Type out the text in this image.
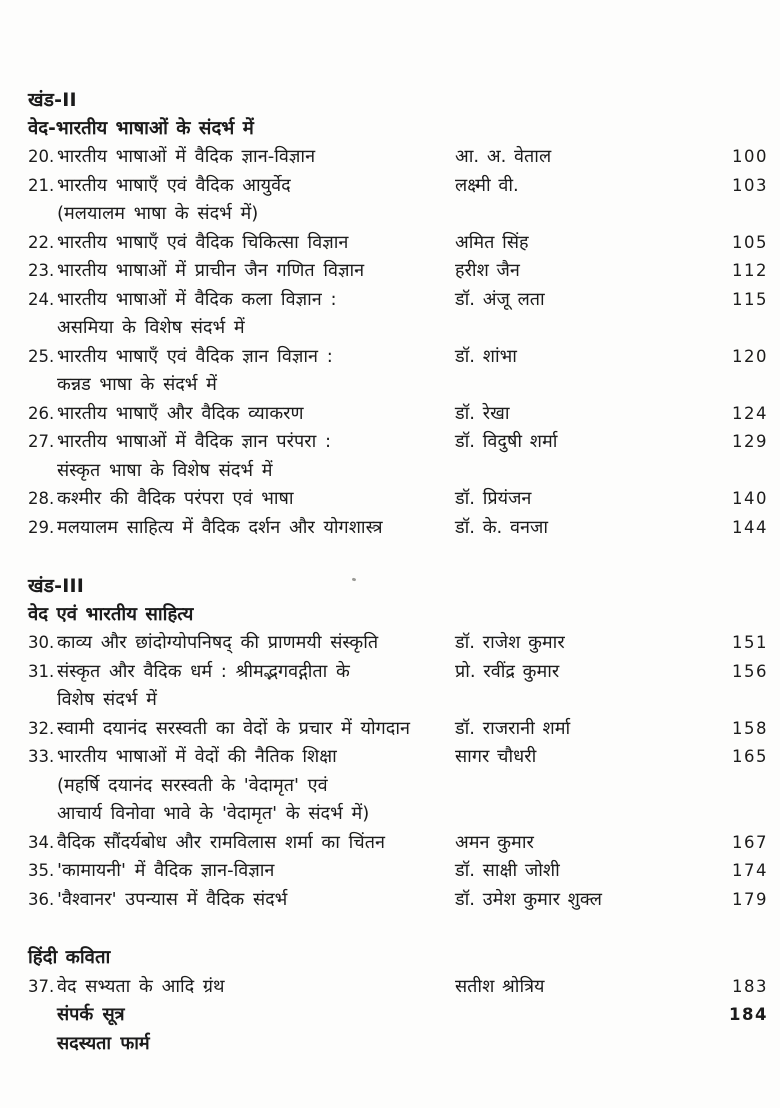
खंड-II
वेद-भारतीय भाषाओं के संदर्भ में
20. भारतीय भाषाओं में वैदिक ज्ञान-विज्ञान	आ. अ. वेताल	100
21. भारतीय भाषाएँ एवं वैदिक आयुर्वेद
(मलयालम भाषा के संदर्भ में)
लक्ष्मी वी.	103
22. भारतीय भाषाएँ एवं वैदिक चिकित्सा विज्ञान	अमित सिंह	105
23. भारतीय भाषाओं में प्राचीन जैन गणित विज्ञान	हरीश जैन	112
24. भारतीय भाषाओं में वैदिक कला विज्ञान :
असमिया के विशेष संदर्भ में
डॉ. अंजू लता	115
25. भारतीय भाषाएँ एवं वैदिक ज्ञान विज्ञान :
कन्नड भाषा के संदर्भ में
डॉ. शांभा	120
26. भारतीय भाषाएँ और वैदिक व्याकरण	डॉ. रेखा	124
27. भारतीय भाषाओं में वैदिक ज्ञान परंपरा :
संस्कृत भाषा के विशेष संदर्भ में
डॉ. विदुषी शर्मा	129
28. कश्मीर की वैदिक परंपरा एवं भाषा	डॉ. प्रियंजन	140
29. मलयालम साहित्य में वैदिक दर्शन और योगशास्त्र	डॉ. के. वनजा	144
खंड-III
वेद एवं भारतीय साहित्य
30. काव्य और छांदोग्योपनिषद् की प्राणमयी संस्कृति	डॉ. राजेश कुमार	151
31. संस्कृत और वैदिक धर्म : श्रीमद्भगवद्गीता के
विशेष संदर्भ में
प्रो. रवींद्र कुमार	156
32. स्वामी दयानंद सरस्वती का वेदों के प्रचार में योगदान	डॉ. राजरानी शर्मा	158
33. भारतीय भाषाओं में वेदों की नैतिक शिक्षा
(महर्षि दयानंद सरस्वती के 'वेदामृत' एवं
आचार्य विनोवा भावे के 'वेदामृत' के संदर्भ में)
सागर चौधरी	165
34. वैदिक सौंदर्यबोध और रामविलास शर्मा का चिंतन	अमन कुमार	167
35. 'कामायनी' में वैदिक ज्ञान-विज्ञान	डॉ. साक्षी जोशी	174
36. 'वैश्वानर' उपन्यास में वैदिक संदर्भ	डॉ. उमेश कुमार शुक्ल	179
हिंदी कविता
37. वेद सभ्यता के आदि ग्रंथ	सतीश श्रोत्रिय	183
संपर्क सूत्र	184
सदस्यता फार्म
